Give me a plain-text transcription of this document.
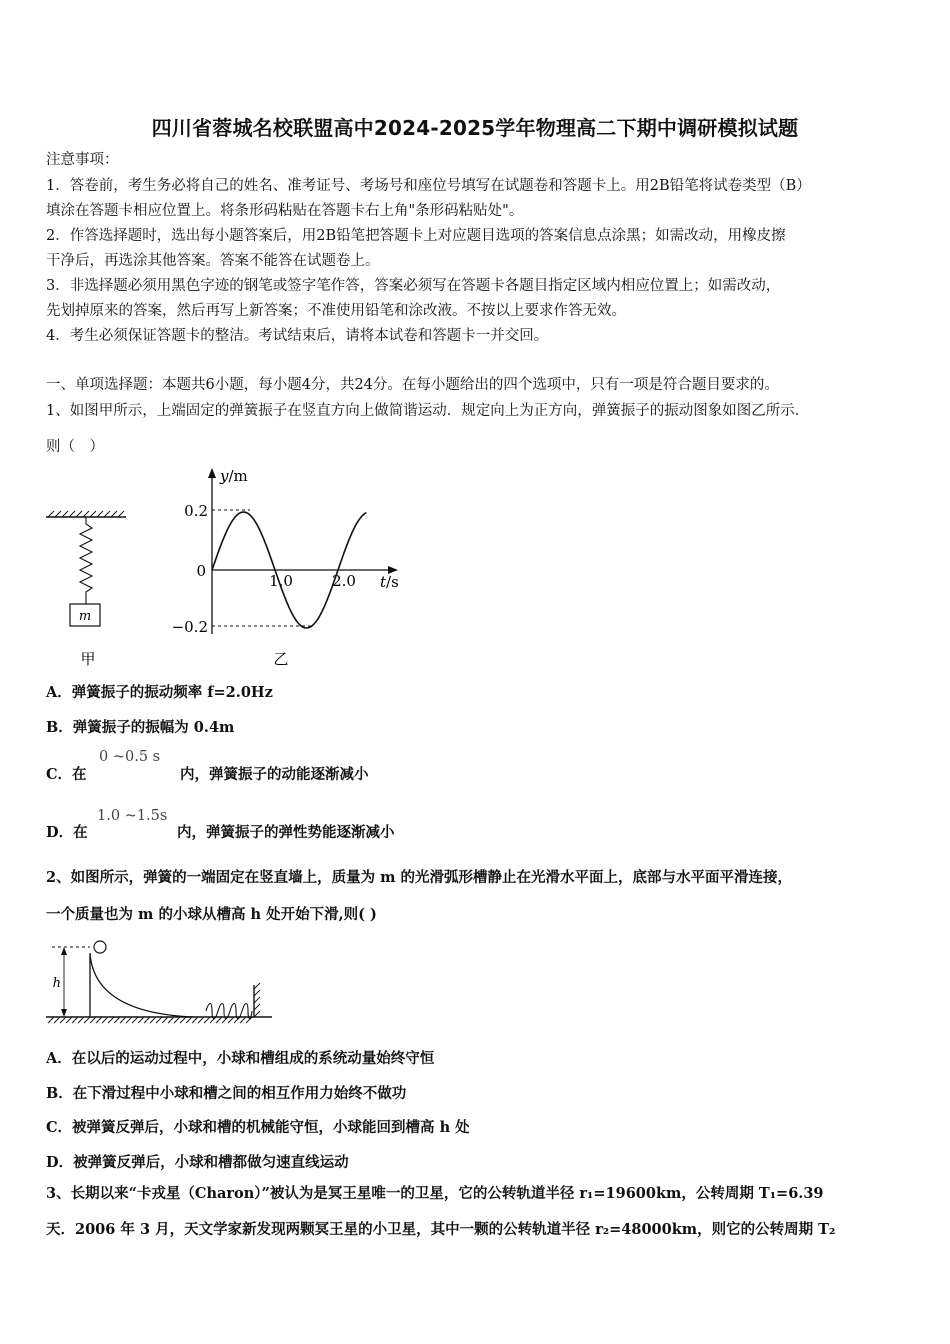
四川省蓉城名校联盟高中2024-2025学年物理高二下期中调研模拟试题
注意事项：
1．答卷前，考生务必将自己的姓名、准考证号、考场号和座位号填写在试题卷和答题卡上。用2B铅笔将试卷类型（B）
填涂在答题卡相应位置上。将条形码粘贴在答题卡右上角"条形码粘贴处"。
2．作答选择题时，选出每小题答案后，用2B铅笔把答题卡上对应题目选项的答案信息点涂黑；如需改动，用橡皮擦
干净后，再选涂其他答案。答案不能答在试题卷上。
3．非选择题必须用黑色字迹的钢笔或签字笔作答，答案必须写在答题卡各题目指定区域内相应位置上；如需改动，
先划掉原来的答案，然后再写上新答案；不准使用铅笔和涂改液。不按以上要求作答无效。
4．考生必须保证答题卡的整洁。考试结束后，请将本试卷和答题卡一并交回。
一、单项选择题：本题共6小题，每小题4分，共24分。在每小题给出的四个选项中，只有一项是符合题目要求的。
1、如图甲所示，上端固定的弹簧振子在竖直方向上做简谐运动．规定向上为正方向，弹簧振子的振动图象如图乙所示．
则（　）
m
甲
y/m
t/s
0.2
−0.2
0
1.0	2.0
乙
A．弹簧振子的振动频率 f=2.0Hz
B．弹簧振子的振幅为 0.4m
C．在
0 ~0.5 s
内，弹簧振子的动能逐渐减小
D．在
1.0 ~1.5s
内，弹簧振子的弹性势能逐渐减小
2、如图所示，弹簧的一端固定在竖直墙上，质量为 m 的光滑弧形槽静止在光滑水平面上，底部与水平面平滑连接，
一个质量也为 m 的小球从槽高 h 处开始下滑,则( )
h
A．在以后的运动过程中，小球和槽组成的系统动量始终守恒
B．在下滑过程中小球和槽之间的相互作用力始终不做功
C．被弹簧反弹后，小球和槽的机械能守恒，小球能回到槽高 h 处
D．被弹簧反弹后，小球和槽都做匀速直线运动
3、长期以来“卡戎星（Charon）”被认为是冥王星唯一的卫星，它的公转轨道半径 r₁=19600km，公转周期 T₁=6.39
天．2006 年 3 月，天文学家新发现两颗冥王星的小卫星，其中一颗的公转轨道半径 r₂=48000km，则它的公转周期 T₂
